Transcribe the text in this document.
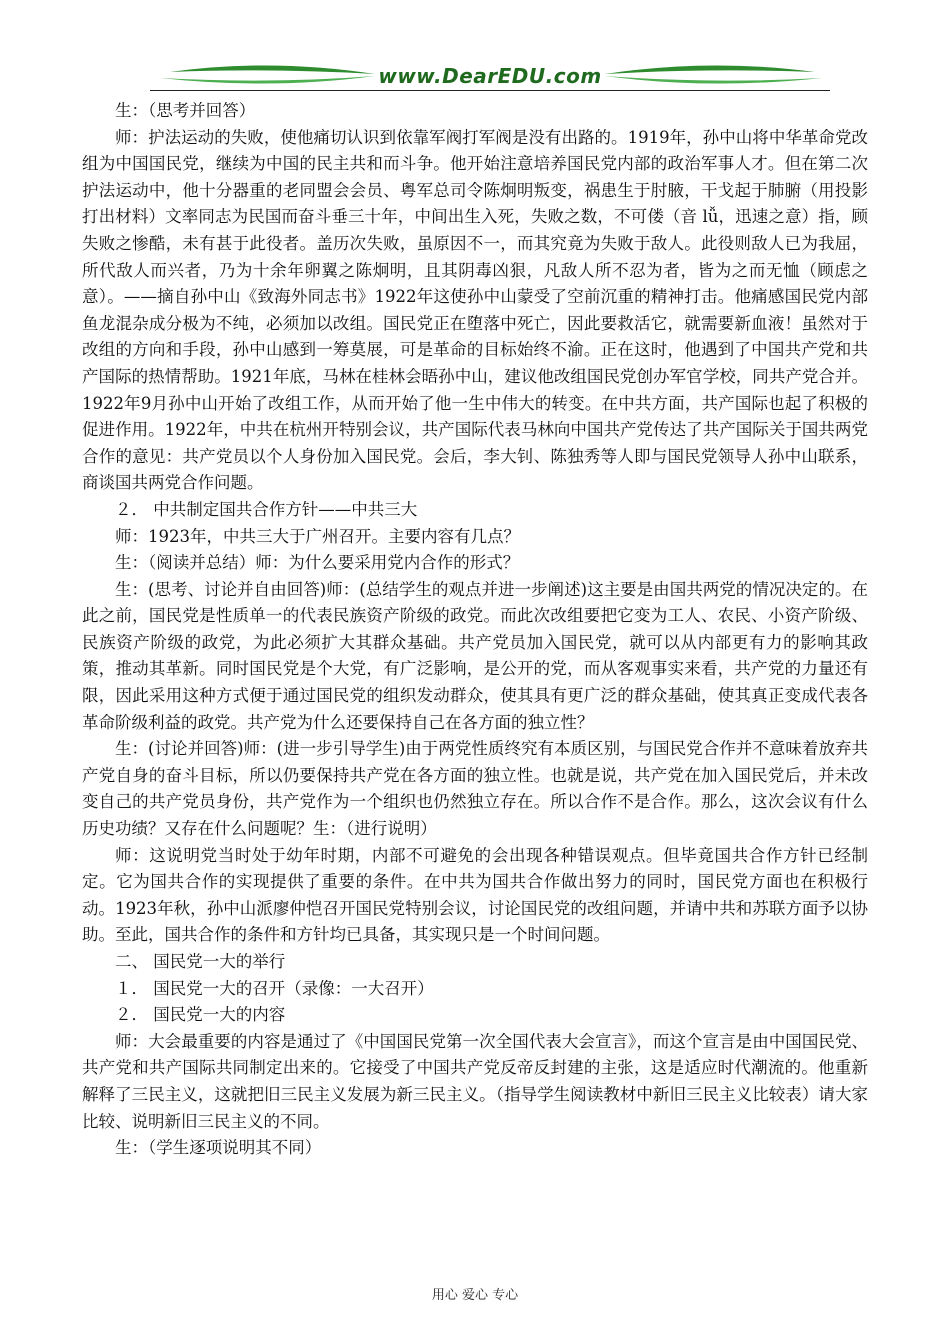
www.DearEDU.com

生：（思考并回答）

师：护法运动的失败，使他痛切认识到依靠军阀打军阀是没有出路的。1919年，孙中山将中华革命党改组为中国国民党，继续为中国的民主共和而斗争。他开始注意培养国民党内部的政治军事人才。但在第二次护法运动中，他十分器重的老同盟会会员、粤军总司令陈炯明叛变，祸患生于肘腋，干戈起于肺腑（用投影打出材料）文率同志为民国而奋斗垂三十年，中间出生入死，失败之数，不可偻（音 lǚ，迅速之意）指，顾失败之惨酷，未有甚于此役者。盖历次失败，虽原因不一，而其究竟为失败于敌人。此役则敌人已为我屈，所代敌人而兴者，乃为十余年卵翼之陈炯明，且其阴毒凶狠，凡敌人所不忍为者，皆为之而无恤（顾虑之意）。——摘自孙中山《致海外同志书》1922年这使孙中山蒙受了空前沉重的精神打击。他痛感国民党内部鱼龙混杂成分极为不纯，必须加以改组。国民党正在堕落中死亡，因此要救活它，就需要新血液！虽然对于改组的方向和手段，孙中山感到一筹莫展，可是革命的目标始终不渝。正在这时，他遇到了中国共产党和共产国际的热情帮助。1921年底，马林在桂林会晤孙中山，建议他改组国民党创办军官学校，同共产党合并。1922年9月孙中山开始了改组工作，从而开始了他一生中伟大的转变。在中共方面，共产国际也起了积极的促进作用。1922年，中共在杭州开特别会议，共产国际代表马林向中国共产党传达了共产国际关于国共两党合作的意见：共产党员以个人身份加入国民党。会后，李大钊、陈独秀等人即与国民党领导人孙中山联系，商谈国共两党合作问题。

２． 中共制定国共合作方针——中共三大

师：1923年，中共三大于广州召开。主要内容有几点？

生：（阅读并总结）师：为什么要采用党内合作的形式？

生：(思考、讨论并自由回答)师：(总结学生的观点并进一步阐述)这主要是由国共两党的情况决定的。在此之前，国民党是性质单一的代表民族资产阶级的政党。而此次改组要把它变为工人、农民、小资产阶级、民族资产阶级的政党，为此必须扩大其群众基础。共产党员加入国民党，就可以从内部更有力的影响其政策，推动其革新。同时国民党是个大党，有广泛影响，是公开的党，而从客观事实来看，共产党的力量还有限，因此采用这种方式便于通过国民党的组织发动群众，使其具有更广泛的群众基础，使其真正变成代表各革命阶级利益的政党。共产党为什么还要保持自己在各方面的独立性？

生：(讨论并回答)师：(进一步引导学生)由于两党性质终究有本质区别，与国民党合作并不意味着放弃共产党自身的奋斗目标，所以仍要保持共产党在各方面的独立性。也就是说，共产党在加入国民党后，并未改变自己的共产党员身份，共产党作为一个组织也仍然独立存在。所以合作不是合作。那么，这次会议有什么历史功绩？又存在什么问题呢？生：（进行说明）

师：这说明党当时处于幼年时期，内部不可避免的会出现各种错误观点。但毕竟国共合作方针已经制定。它为国共合作的实现提供了重要的条件。在中共为国共合作做出努力的同时，国民党方面也在积极行动。1923年秋，孙中山派廖仲恺召开国民党特别会议，讨论国民党的改组问题，并请中共和苏联方面予以协助。至此，国共合作的条件和方针均已具备，其实现只是一个时间问题。

二、 国民党一大的举行

１． 国民党一大的召开（录像：一大召开）

２． 国民党一大的内容

师：大会最重要的内容是通过了《中国国民党第一次全国代表大会宣言》，而这个宣言是由中国国民党、共产党和共产国际共同制定出来的。它接受了中国共产党反帝反封建的主张，这是适应时代潮流的。他重新解释了三民主义，这就把旧三民主义发展为新三民主义。（指导学生阅读教材中新旧三民主义比较表）请大家比较、说明新旧三民主义的不同。

生：（学生逐项说明其不同）

用心 爱心 专心
